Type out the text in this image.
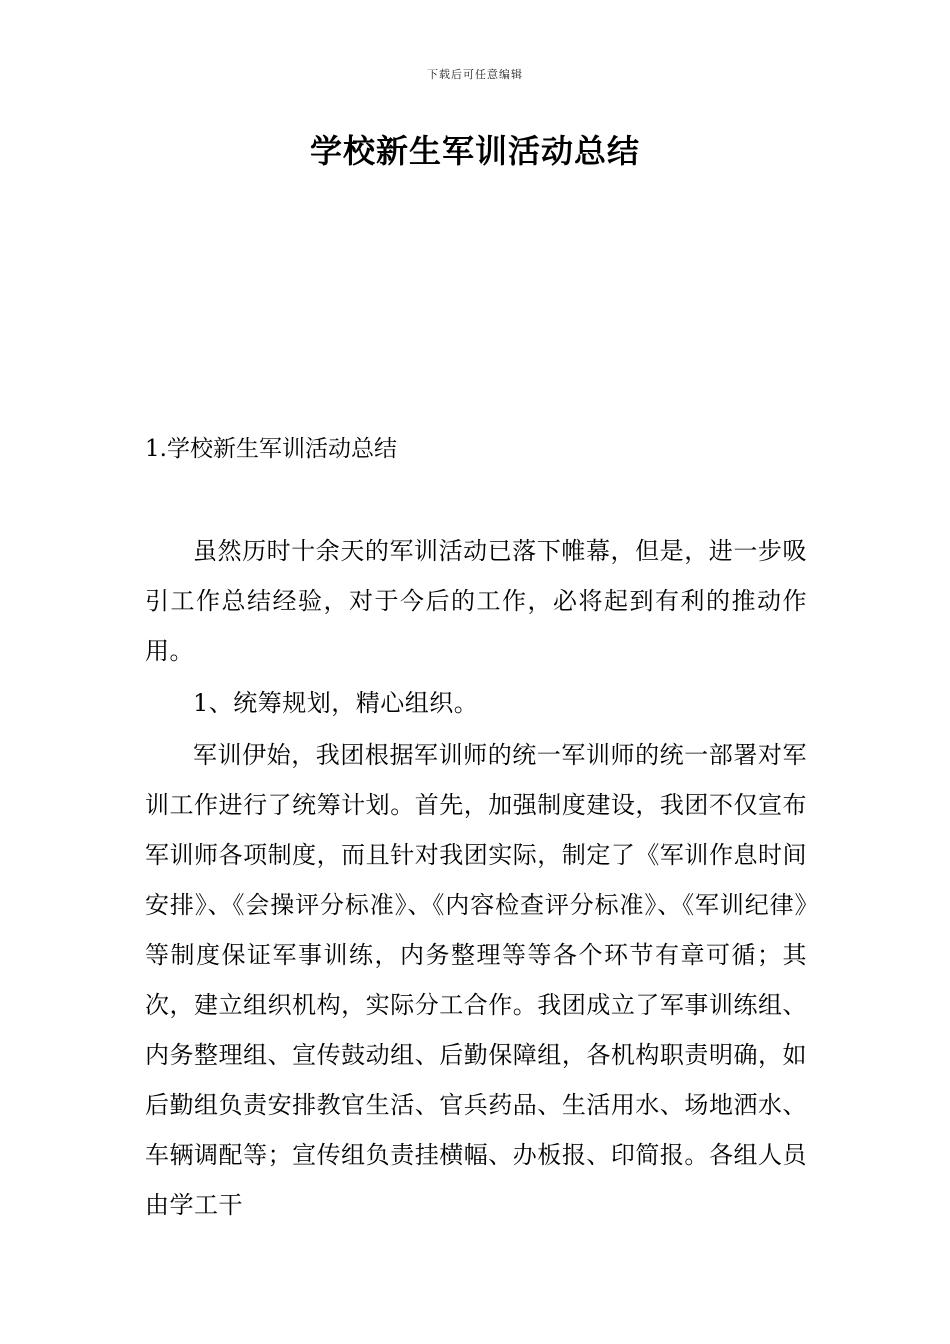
下载后可任意编辑
学校新生军训活动总结
1.学校新生军训活动总结

虽然历时十余天的军训活动已落下帷幕，但是，进一步吸引工作总结经验，对于今后的工作，必将起到有利的推动作用。

1、统筹规划，精心组织。

军训伊始，我团根据军训师的统一军训师的统一部署对军训工作进行了统筹计划。首先，加强制度建设，我团不仅宣布军训师各项制度，而且针对我团实际，制定了《军训作息时间安排》、《会操评分标准》、《内容检查评分标准》、《军训纪律》等制度保证军事训练，内务整理等等各个环节有章可循；其次，建立组织机构，实际分工合作。我团成立了军事训练组、内务整理组、宣传鼓动组、后勤保障组，各机构职责明确，如后勤组负责安排教官生活、官兵药品、生活用水、场地洒水、车辆调配等；宣传组负责挂横幅、办板报、印简报。各组人员由学工干
